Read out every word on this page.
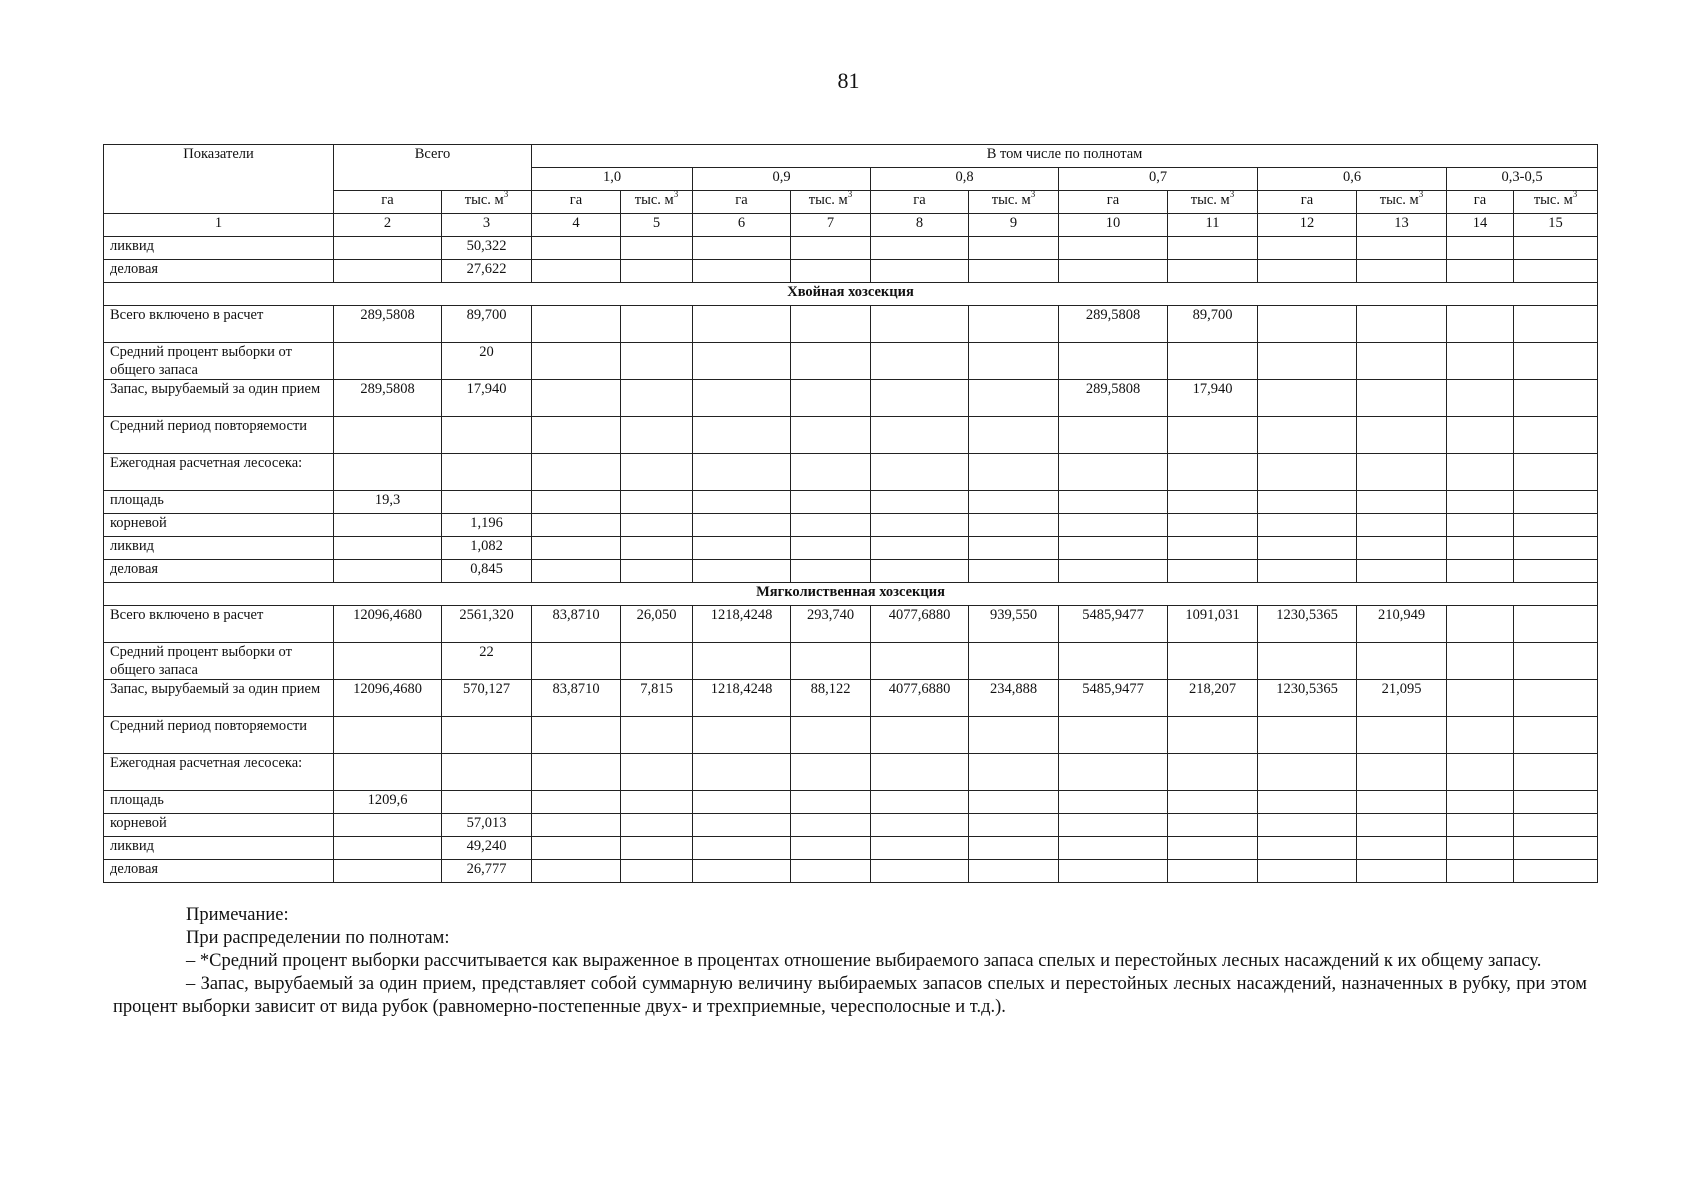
81
Показатели	Всего		В том числе по полнотам											
			1,0		0,9		0,8		0,7		0,6		0,3-0,5	
	га	тыс. $м^3$	га	тыс. $м^3$	га	тыс. $м^3$	га	тыс. $м^3$	га	тыс. $м^3$	га	тыс. $м^3$	га	тыс. $м^3$
1	2	3	4	5	6	7	8	9	10	11	12	13	14	15
ликвид		50,322												
деловая		27,622												
Хвойная хозсекция														
Всего включено в расчет	289,5808	89,700							289,5808	89,700				
Средний процент выборки от общего запаса		20												
Запас, вырубаемый за один прием	289,5808	17,940							289,5808	17,940				
Средний период повторяемости														
Ежегодная расчетная лесосека:														
площадь	19,3													
корневой		1,196												
ликвид		1,082												
деловая		0,845												
Мягколиственная хозсекция														
Всего включено в расчет	12096,4680	2561,320	83,8710	26,050	1218,4248	293,740	4077,6880	939,550	5485,9477	1091,031	1230,5365	210,949		
Средний процент выборки от общего запаса		22												
Запас, вырубаемый за один прием	12096,4680	570,127	83,8710	7,815	1218,4248	88,122	4077,6880	234,888	5485,9477	218,207	1230,5365	21,095		
Средний период повторяемости														
Ежегодная расчетная лесосека:														
площадь	1209,6													
корневой		57,013												
ликвид		49,240												
деловая		26,777												

Примечание:

При распределении по полнотам:

– *Средний процент выборки рассчитывается как выраженное в процентах отношение выбираемого запаса спелых и перестойных лесных насаждений к их общему запасу.

– Запас, вырубаемый за один прием, представляет собой суммарную величину выбираемых запасов спелых и перестойных лесных насаждений, назначенных в рубку, при этом процент выборки зависит от вида рубок (равномерно-постепенные двух- и трехприемные, чересполосные и т.д.).
